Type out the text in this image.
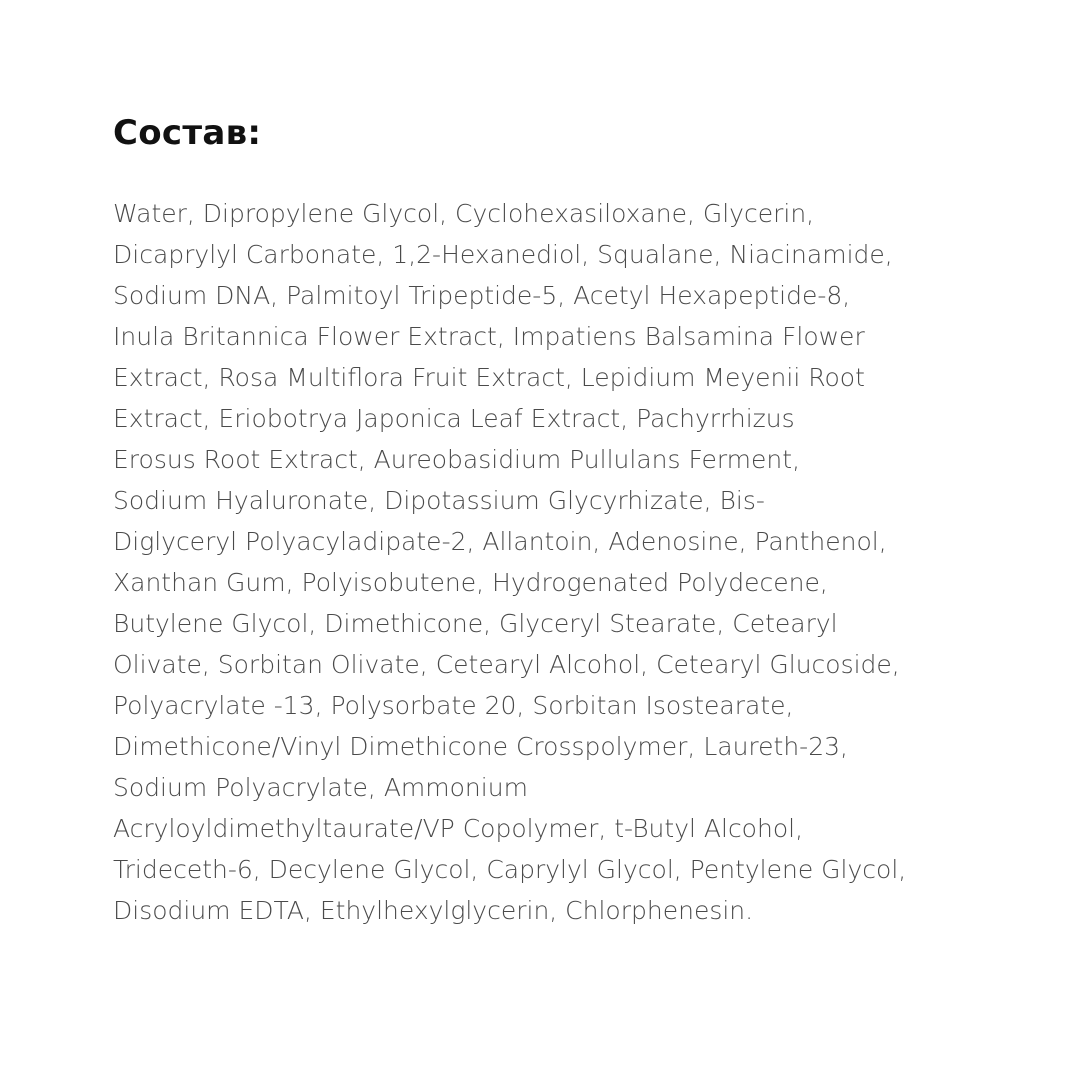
Состав:

Water, Dipropylene Glycol, Cyclohexasiloxane, Glycerin,
Dicaprylyl Carbonate, 1,2-Hexanediol, Squalane, Niacinamide,
Sodium DNA, Palmitoyl Tripeptide-5, Acetyl Hexapeptide-8,
Inula Britannica Flower Extract, Impatiens Balsamina Flower
Extract, Rosa Multiflora Fruit Extract, Lepidium Meyenii Root
Extract, Eriobotrya Japonica Leaf Extract, Pachyrrhizus
Erosus Root Extract, Aureobasidium Pullulans Ferment,
Sodium Hyaluronate, Dipotassium Glycyrhizate, Bis-
Diglyceryl Polyacyladipate-2, Allantoin, Adenosine, Panthenol,
Xanthan Gum, Polyisobutene, Hydrogenated Polydecene,
Butylene Glycol, Dimethicone, Glyceryl Stearate, Cetearyl
Olivate, Sorbitan Olivate, Cetearyl Alcohol, Cetearyl Glucoside,
Polyacrylate -13, Polysorbate 20, Sorbitan Isostearate,
Dimethicone/Vinyl Dimethicone Crosspolymer, Laureth-23,
Sodium Polyacrylate, Ammonium
Acryloyldimethyltaurate/VP Copolymer, t-Butyl Alcohol,
Trideceth-6, Decylene Glycol, Caprylyl Glycol, Pentylene Glycol,
Disodium EDTA, Ethylhexylglycerin, Chlorphenesin.
